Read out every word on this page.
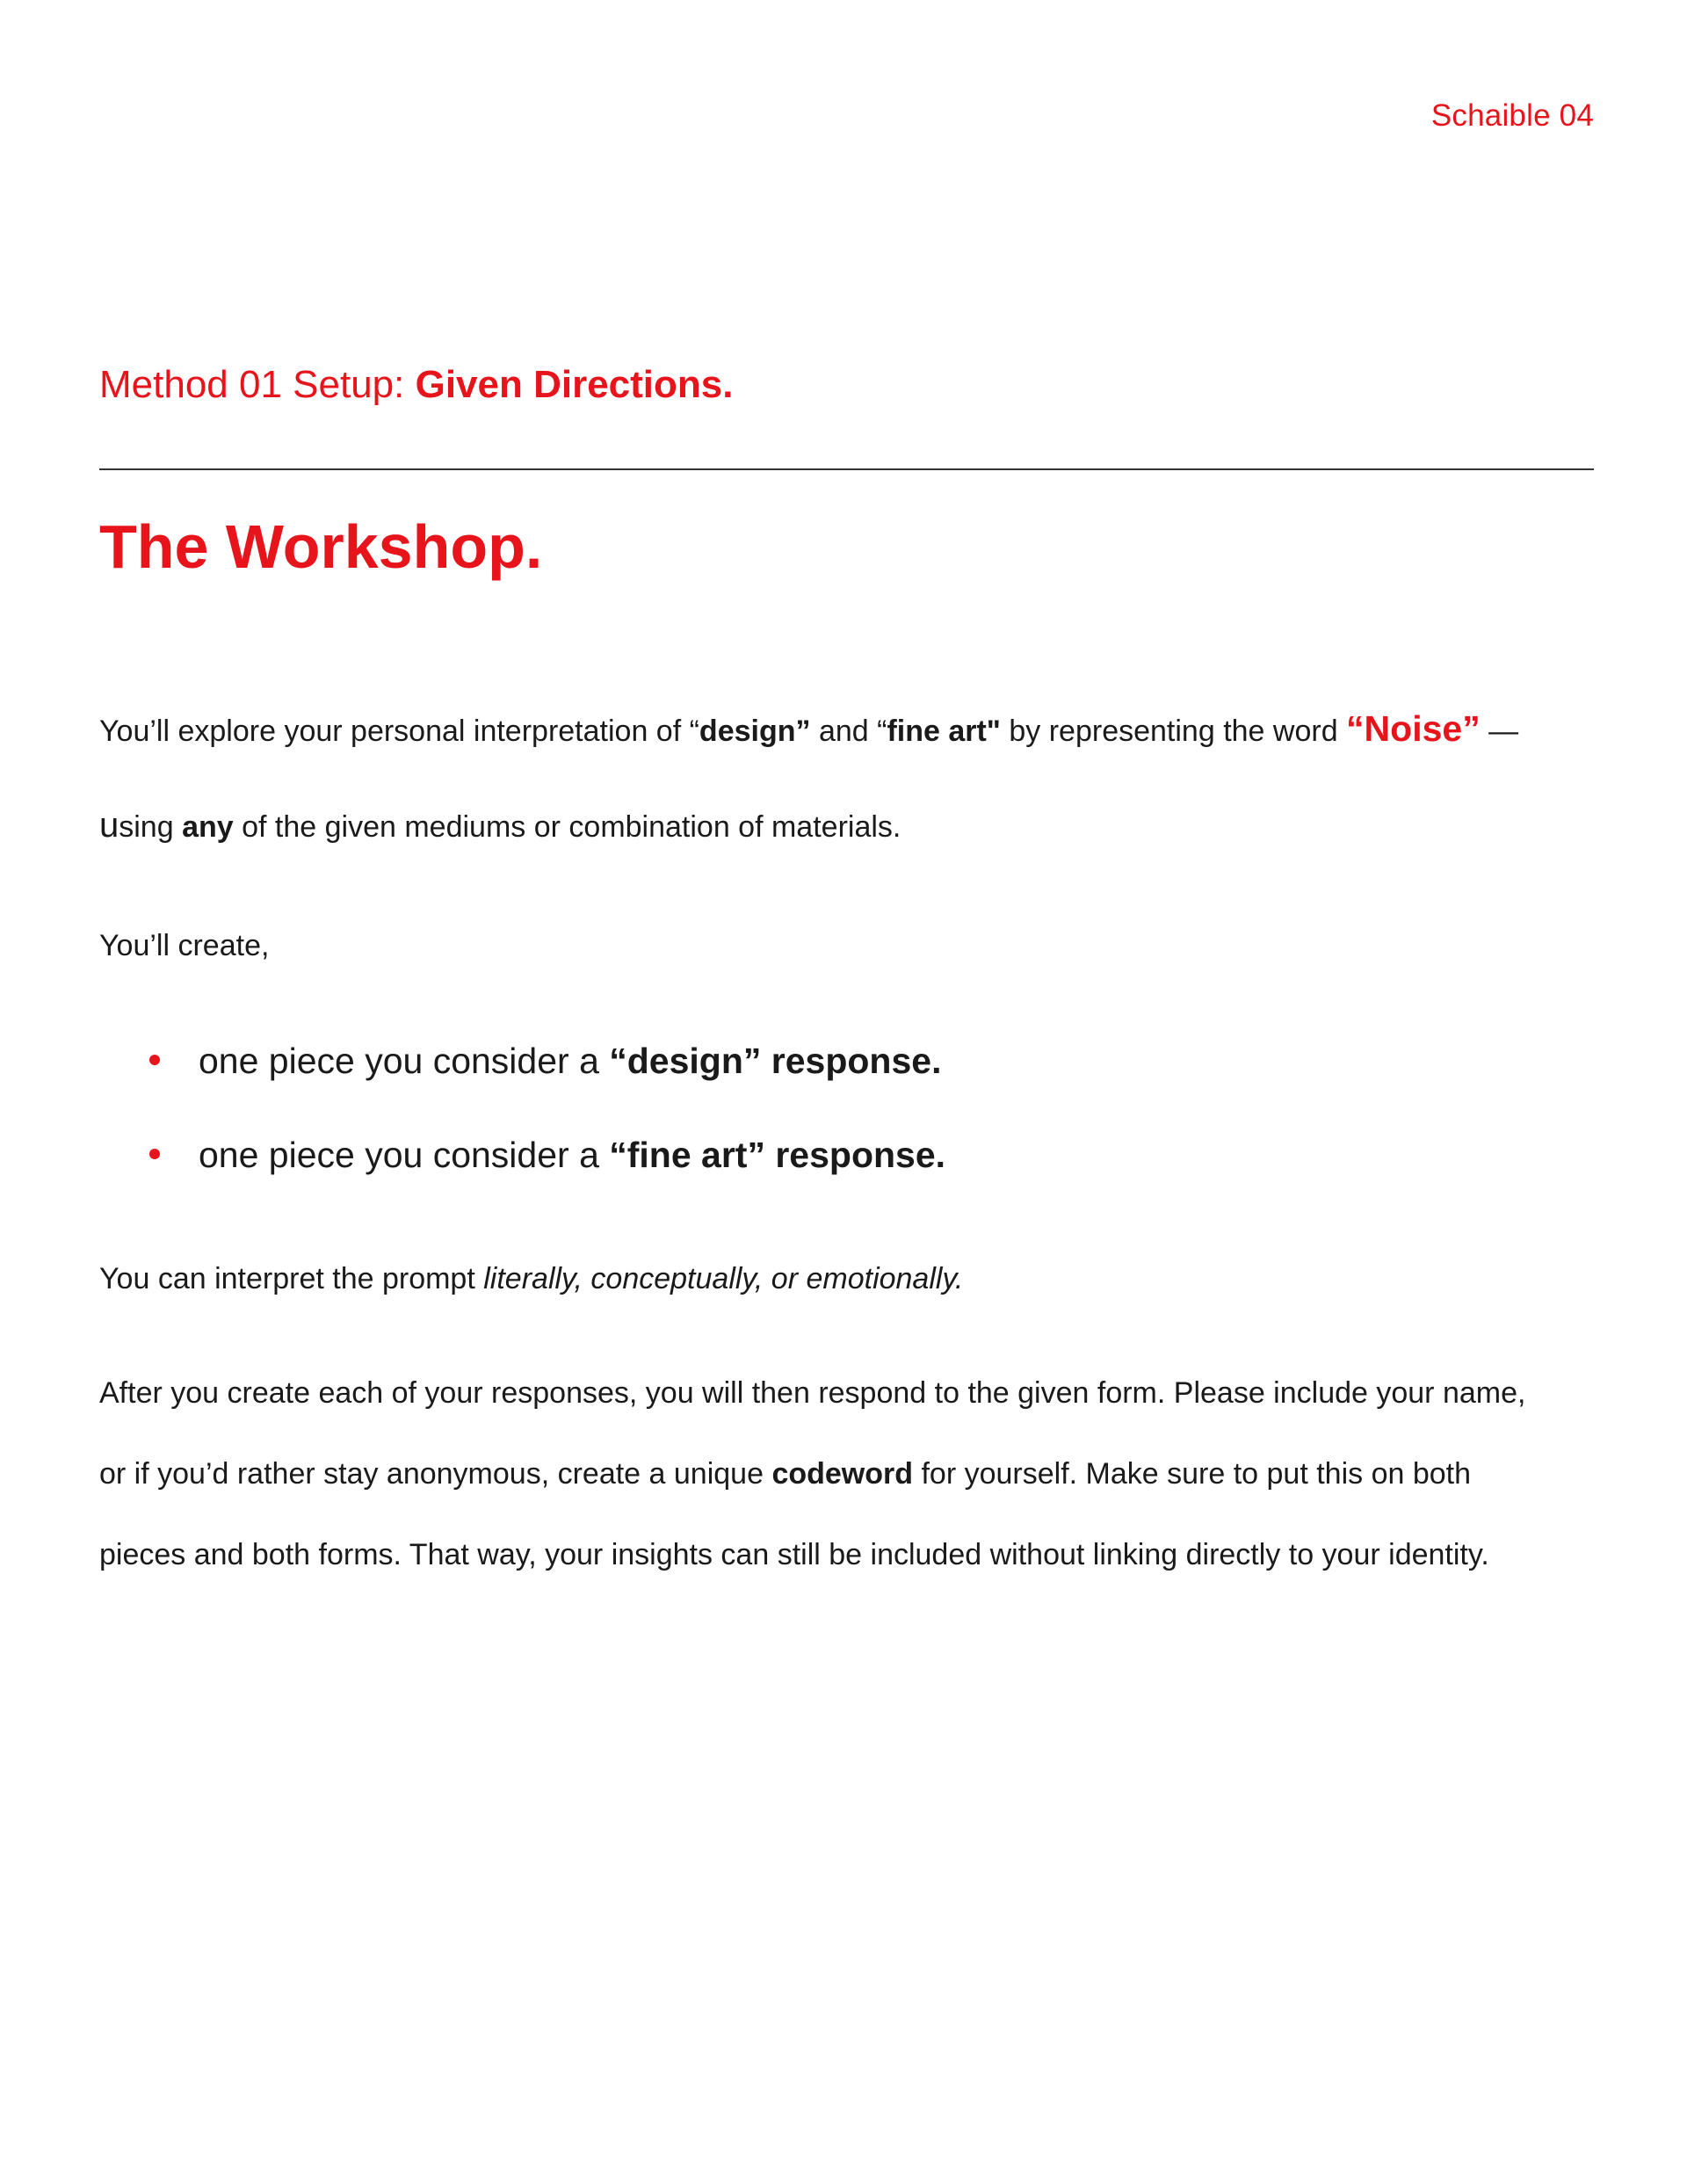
Schaible 04
Method 01 Setup: Given Directions.
The Workshop.
You’ll explore your personal interpretation of “design” and “fine art" by representing the word “Noise” —
using any of the given mediums or combination of materials.
You’ll create,
one piece you consider a “design” response.
one piece you consider a “fine art” response.
You can interpret the prompt literally, conceptually, or emotionally.
After you create each of your responses, you will then respond to the given form. Please include your name,
or if you’d rather stay anonymous, create a unique codeword for yourself. Make sure to put this on both
pieces and both forms. That way, your insights can still be included without linking directly to your identity.
